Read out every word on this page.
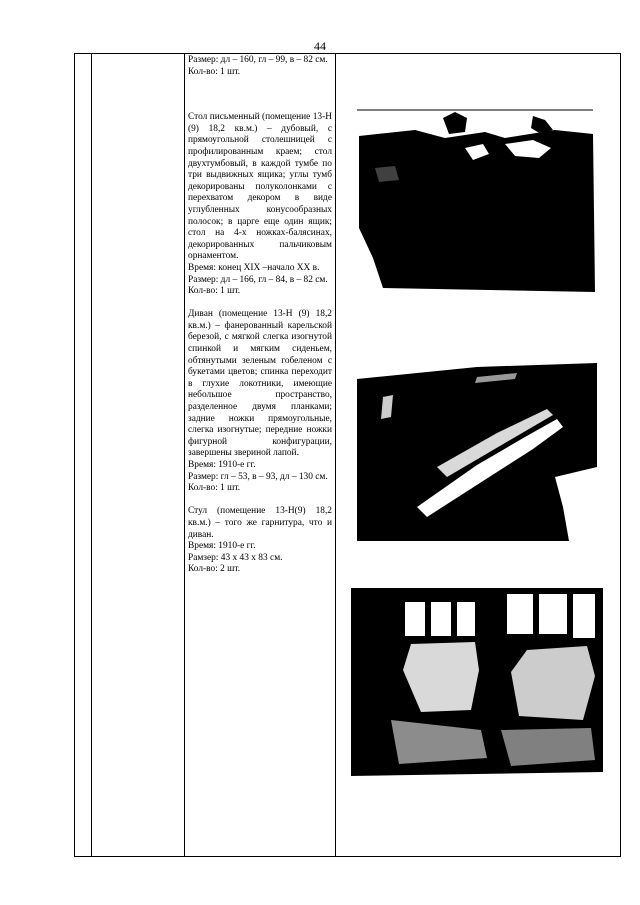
44

Размер: дл – 160, гл – 99, в – 82 см.

Кол-во: 1 шт.

Стол письменный (помещение 13-Н (9) 18,2 кв.м.) – дубовый, с прямоугольной столешницей с профилированным краем; стол двухтумбовый, в каждой тумбе по три выдвижных ящика; углы тумб декорированы полуколонками с перехватом декором в виде углубленных конусообразных полосок; в царге еще один ящик; стол на 4-х ножках-балясинах, декорированных пальчиковым орнаментом.

Время: конец XIX –начало XX в. Размер: дл – 166, гл – 84, в – 82 см.

Кол-во: 1 шт.

Диван (помещение 13-Н (9) 18,2 кв.м.) – фанерованный карельской березой, с мягкой слегка изогнутой спинкой и мягким сиденьем, обтянутыми зеленым гобеленом с букетами цветов; спинка переходит в глухие локотники, имеющие небольшое пространство, разделенное двумя планками; задние ножки прямоугольные, слегка изогнутые; передние ножки фигурной конфигурации, завершены звериной лапой.

Время: 1910-е гг.

Размер: гл – 53, в – 93, дл – 130 см.

Кол-во: 1 шт.

Стул (помещение 13-Н(9) 18,2 кв.м.) – того же гарнитура, что и диван.

Время: 1910-е гг.

Рамзер: 43 х 43 х 83 см.

Кол-во: 2 шт.
